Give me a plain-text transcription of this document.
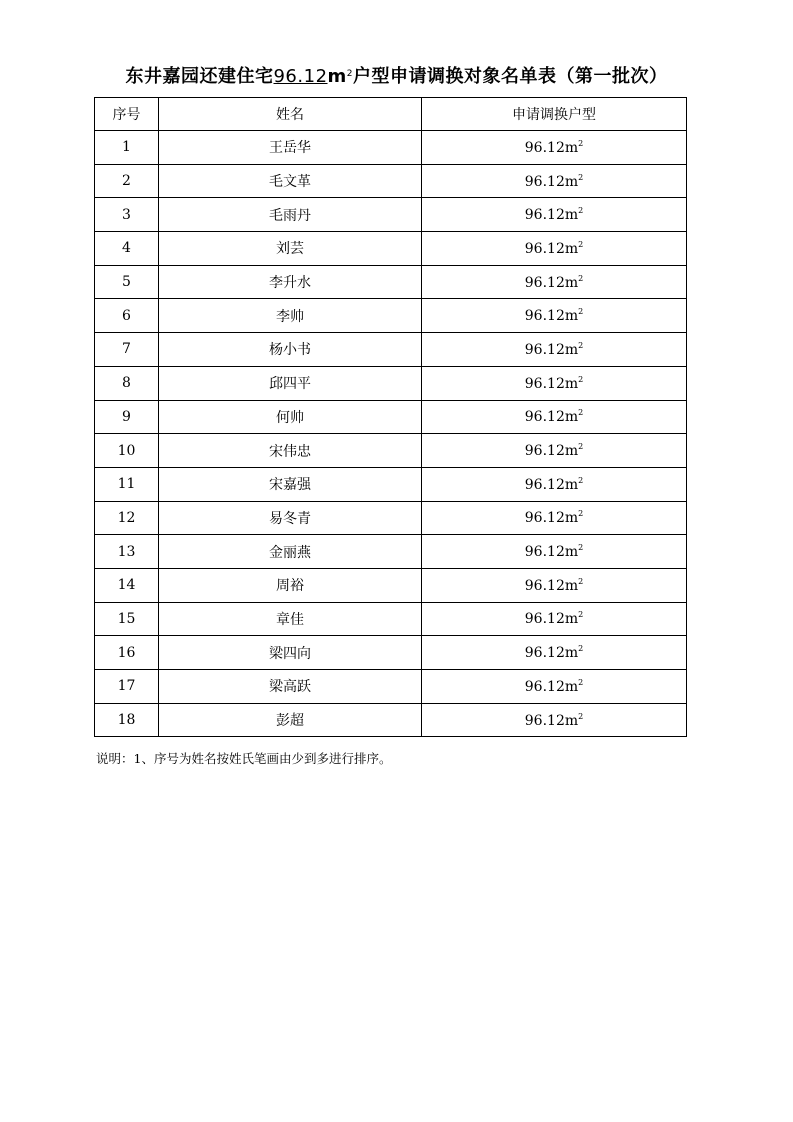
东井嘉园还建住宅$96.12m^2$户型申请调换对象名单表（第一批次）
序号	姓名	申请调换户型
1	王岳华	$96.12m^2$
2	毛文革	$96.12m^2$
3	毛雨丹	$96.12m^2$
4	刘芸	$96.12m^2$
5	李升水	$96.12m^2$
6	李帅	$96.12m^2$
7	杨小书	$96.12m^2$
8	邱四平	$96.12m^2$
9	何帅	$96.12m^2$
10	宋伟忠	$96.12m^2$
11	宋嘉强	$96.12m^2$
12	易冬青	$96.12m^2$
13	金丽燕	$96.12m^2$
14	周裕	$96.12m^2$
15	章佳	$96.12m^2$
16	梁四向	$96.12m^2$
17	梁高跃	$96.12m^2$
18	彭超	$96.12m^2$
说明：1、序号为姓名按姓氏笔画由少到多进行排序。
